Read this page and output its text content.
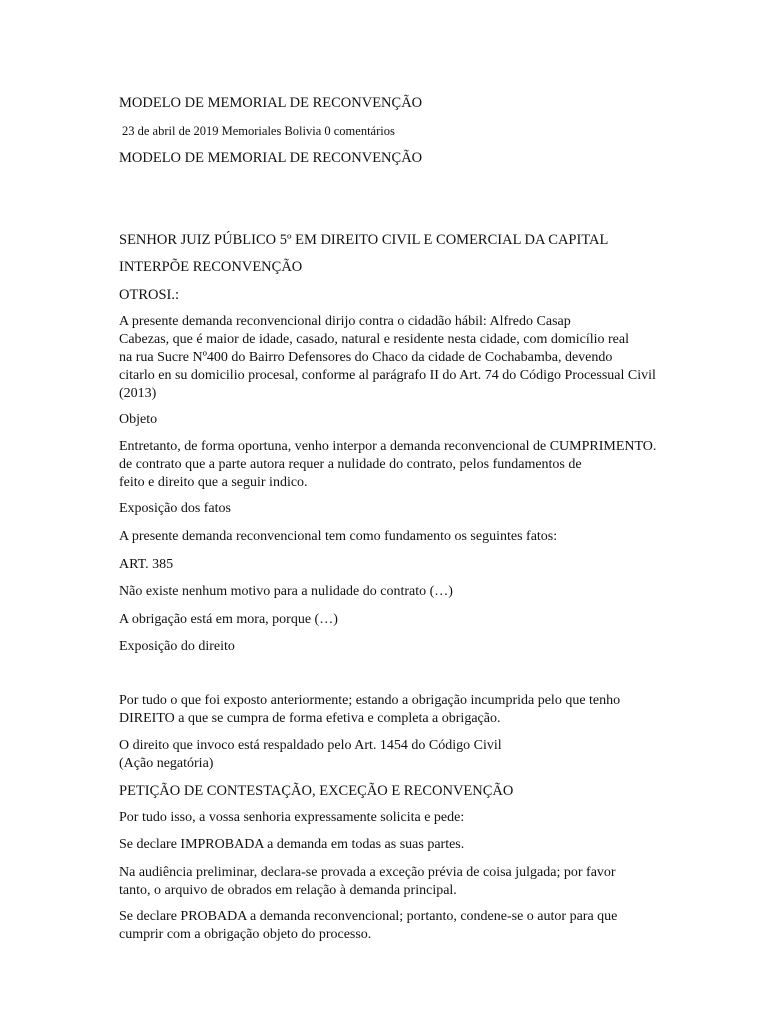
MODELO DE MEMORIAL DE RECONVENÇÃO
23 de abril de 2019 Memoriales Bolivia 0 comentários
MODELO DE MEMORIAL DE RECONVENÇÃO
SENHOR JUIZ PÚBLICO 5º EM DIREITO CIVIL E COMERCIAL DA CAPITAL
INTERPÕE RECONVENÇÃO
OTROSI.:
A presente demanda reconvencional dirijo contra o cidadão hábil: Alfredo Casap
Cabezas, que é maior de idade, casado, natural e residente nesta cidade, com domicílio real
na rua Sucre Nº400 do Bairro Defensores do Chaco da cidade de Cochabamba, devendo
citarlo en su domicilio procesal, conforme al parágrafo II do Art. 74 do Código Processual Civil
(2013)
Objeto
Entretanto, de forma oportuna, venho interpor a demanda reconvencional de CUMPRIMENTO.
de contrato que a parte autora requer a nulidade do contrato, pelos fundamentos de
feito e direito que a seguir indico.
Exposição dos fatos
A presente demanda reconvencional tem como fundamento os seguintes fatos:
ART. 385
Não existe nenhum motivo para a nulidade do contrato (…)
A obrigação está em mora, porque (…)
Exposição do direito
Por tudo o que foi exposto anteriormente; estando a obrigação incumprida pelo que tenho
DIREITO a que se cumpra de forma efetiva e completa a obrigação.
O direito que invoco está respaldado pelo Art. 1454 do Código Civil
(Ação negatória)
PETIÇÃO DE CONTESTAÇÃO, EXCEÇÃO E RECONVENÇÃO
Por tudo isso, a vossa senhoria expressamente solicita e pede:
Se declare IMPROBADA a demanda em todas as suas partes.
Na audiência preliminar, declara-se provada a exceção prévia de coisa julgada; por favor
tanto, o arquivo de obrados em relação à demanda principal.
Se declare PROBADA a demanda reconvencional; portanto, condene-se o autor para que
cumprir com a obrigação objeto do processo.
